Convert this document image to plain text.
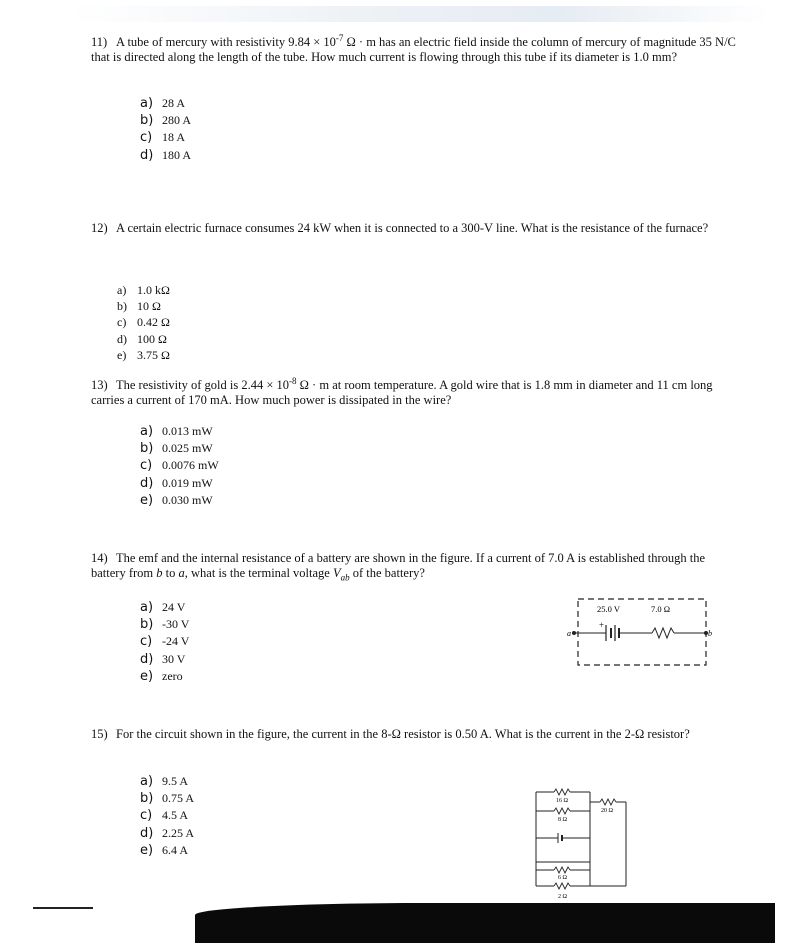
11) A tube of mercury with resistivity $9.84 \times 10^{-7}$ Ω · m has an electric field inside the column of mercury of magnitude 35 N/C that is directed along the length of the tube. How much current is flowing through this tube if its diameter is 1.0 mm?
a) 28 A
b) 280 A
c) 18 A
d) 180 A
12) A certain electric furnace consumes 24 kW when it is connected to a 300-V line. What is the resistance of the furnace?
a) 1.0 kΩ
b) 10 Ω
c) 0.42 Ω
d) 100 Ω
e) 3.75 Ω
13) The resistivity of gold is $2.44 \times 10^{-8}$ Ω · m at room temperature. A gold wire that is 1.8 mm in diameter and 11 cm long carries a current of 170 mA. How much power is dissipated in the wire?
a) 0.013 mW
b) 0.025 mW
c) 0.0076 mW
d) 0.019 mW
e) 0.030 mW
14) The emf and the internal resistance of a battery are shown in the figure. If a current of 7.0 A is established through the battery from b to a, what is the terminal voltage $V_{ab}$ of the battery?
a) 24 V
b) -30 V
c) -24 V
d) 30 V
e) zero
a	b
25.0 V	7.0 Ω
+
15) For the circuit shown in the figure, the current in the 8-Ω resistor is 0.50 A. What is the current in the 2-Ω resistor?
a) 9.5 A
b) 0.75 A
c) 4.5 A
d) 2.25 A
e) 6.4 A
16 Ω
8 Ω
20 Ω
6 Ω
2 Ω
